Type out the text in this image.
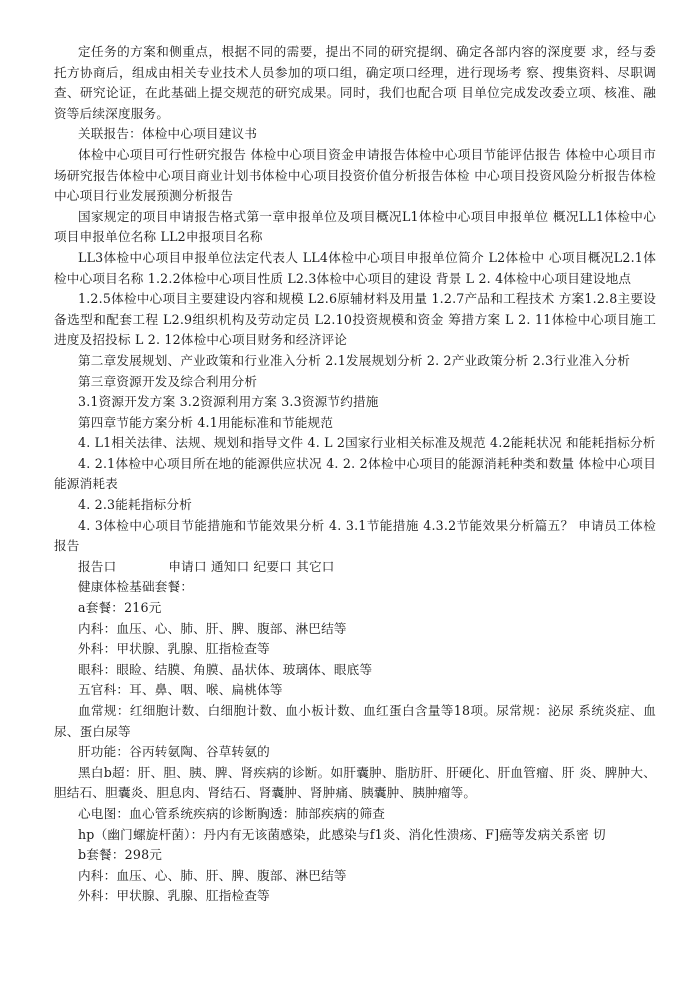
定任务的方案和侧重点，根据不同的需要，提出不同的研究提纲、确定各部内容的深度要 求，经与委托方协商后，组成由相关专业技术人员参加的项口组，确定项口经理，进行现场考 察、搜集资料、尽职调查、研究论证，在此基础上提交规范的研究成果。同时，我们也配合项 目单位完成发改委立项、核准、融资等后续深度服务。

关联报告：体检中心项目建议书

体检中心项目可行性研究报告 体检中心项目资金申请报告体检中心项目节能评估报告 体检中心项目市场研究报告体检中心项目商业计划书体检中心项目投资价值分析报告体检 中心项目投资风险分析报告体检中心项目行业发展预测分析报告

国家规定的项目申请报告格式第一章申报单位及项目概况L1体检中心项目申报单位 概况LL1体检中心项目申报单位名称 LL2申报项目名称

LL3体检中心项目申报单位法定代表人 LL4体检中心项目申报单位简介 L2体检中 心项目概况L2.1体检中心项目名称 1.2.2体检中心项目性质 L2.3体检中心项目的建设 背景 L 2. 4体检中心项目建设地点

1.2.5体检中心项目主要建设内容和规模 L2.6原辅材料及用量 1.2.7产品和工程技术 方案1.2.8主要设备选型和配套工程 L2.9组织机构及劳动定员 L2.10投资规模和资金 筹措方案 L 2. 11体检中心项目施工进度及招投标 L 2. 12体检中心项目财务和经济评论

第二章发展规划、产业政策和行业准入分析 2.1发展规划分析 2. 2产业政策分析 2.3行业准入分析

第三章资源开发及综合利用分析

3.1资源开发方案 3.2资源利用方案 3.3资源节约措施

第四章节能方案分析 4.1用能标准和节能规范

4. L1相关法律、法规、规划和指导文件 4. L 2国家行业相关标准及规范 4.2能耗状况 和能耗指标分析

4. 2.1体检中心项目所在地的能源供应状况 4. 2. 2体检中心项目的能源消耗种类和数量 体检中心项目能源消耗表

4. 2.3能耗指标分析

4. 3体检中心项目节能措施和节能效果分析 4. 3.1节能措施 4.3.2节能效果分析篇五？ 申请员工体检报告

报告口	申请口 通知口 纪要口 其它口

健康体检基础套餐：

a套餐：216元

内科：血压、心、肺、肝、脾、腹部、淋巴结等

外科：甲状腺、乳腺、肛指检查等

眼科：眼睑、结膜、角膜、晶状体、玻璃体、眼底等

五官科：耳、鼻、咽、喉、扁桃体等

血常规：红细胞计数、白细胞计数、血小板计数、血红蛋白含量等18项。尿常规：泌尿 系统炎症、血尿、蛋白尿等

肝功能：谷丙转氨陶、谷草转氨的

黑白b超：肝、胆、胰、脾、肾疾病的诊断。如肝囊肿、脂肪肝、肝硬化、肝血管瘤、肝 炎、脾肿大、胆结石、胆囊炎、胆息肉、肾结石、肾囊肿、肾肿痛、胰囊肿、胰肿瘤等。

心电图：血心管系统疾病的诊断胸透：肺部疾病的筛查

hp（幽门螺旋杆菌）：丹内有无该菌感染，此感染与f1炎、消化性溃疡、F]癌等发病关系密 切

b套餐：298元

内科：血压、心、肺、肝、脾、腹部、淋巴结等

外科：甲状腺、乳腺、肛指检查等
